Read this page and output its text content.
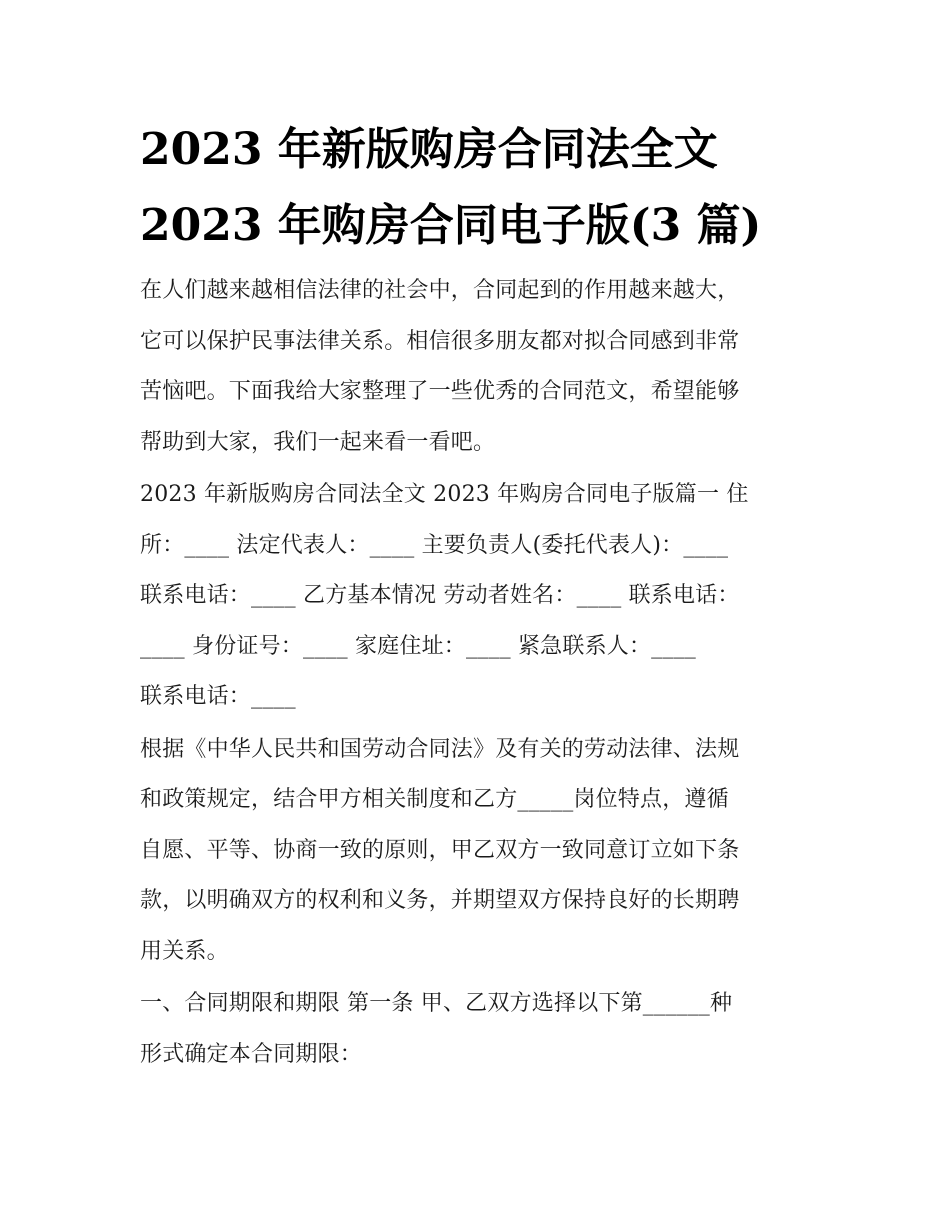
2023 年新版购房合同法全文
2023 年购房合同电子版(3 篇)

在人们越来越相信法律的社会中，合同起到的作用越来越大，
它可以保护民事法律关系。相信很多朋友都对拟合同感到非常
苦恼吧。下面我给大家整理了一些优秀的合同范文，希望能够
帮助到大家，我们一起来看一看吧。

2023 年新版购房合同法全文 2023 年购房合同电子版篇一 住
所：____ 法定代表人：____ 主要负责人(委托代表人)：____
联系电话：____ 乙方基本情况 劳动者姓名：____ 联系电话：
____ 身份证号：____ 家庭住址：____ 紧急联系人：____
联系电话：____

根据《中华人民共和国劳动合同法》及有关的劳动法律、法规
和政策规定，结合甲方相关制度和乙方_____岗位特点，遵循
自愿、平等、协商一致的原则，甲乙双方一致同意订立如下条
款，以明确双方的权利和义务，并期望双方保持良好的长期聘
用关系。

一、合同期限和期限 第一条 甲、乙双方选择以下第______种
形式确定本合同期限：
